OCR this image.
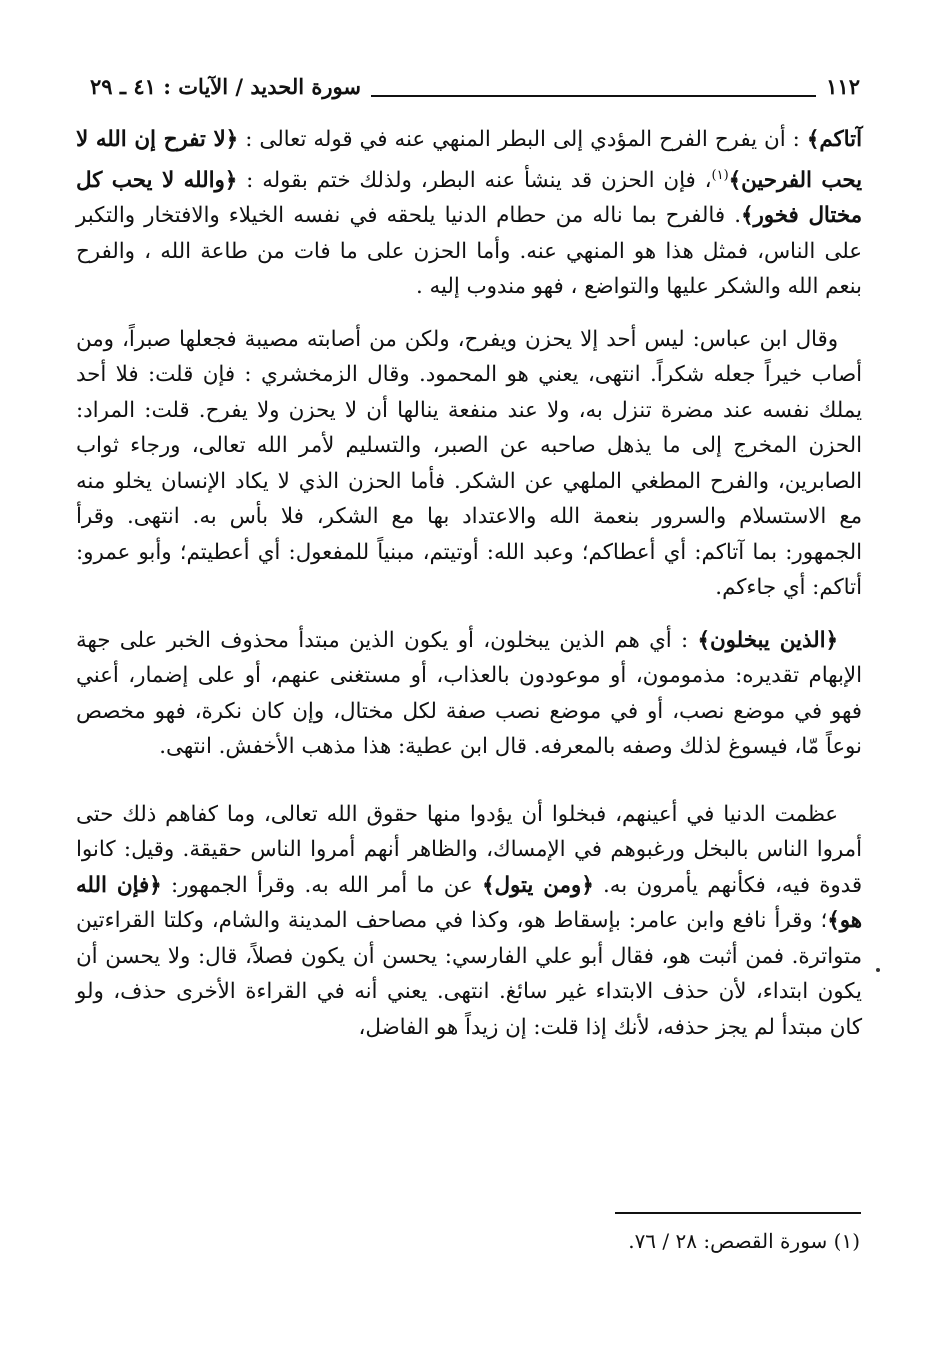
١١٢
سورة الحديد / الآيات : ٤١ ـ ٢٩

آتاكم﴾ : أن يفرح الفرح المؤدي إلى البطر المنهي عنه في قوله تعالى : ﴿لا تفرح إن الله لا يحب الفرحين﴾$^{(١)}$، فإن الحزن قد ينشأ عنه البطر، ولذلك ختم بقوله : ﴿والله لا يحب كل مختال فخور﴾. فالفرح بما ناله من حطام الدنيا يلحقه في نفسه الخيلاء والافتخار والتكبر على الناس، فمثل هذا هو المنهي عنه. وأما الحزن على ما فات من طاعة الله ، والفرح بنعم الله والشكر عليها والتواضع ، فهو مندوب إليه .

وقال ابن عباس: ليس أحد إلا يحزن ويفرح، ولكن من أصابته مصيبة فجعلها صبراً، ومن أصاب خيراً جعله شكراً. انتهى، يعني هو المحمود. وقال الزمخشري : فإن قلت: فلا أحد يملك نفسه عند مضرة تنزل به، ولا عند منفعة ينالها أن لا يحزن ولا يفرح. قلت: المراد: الحزن المخرج إلى ما يذهل صاحبه عن الصبر، والتسليم لأمر الله تعالى، ورجاء ثواب الصابرين، والفرح المطغي الملهي عن الشكر. فأما الحزن الذي لا يكاد الإنسان يخلو منه مع الاستسلام والسرور بنعمة الله والاعتداد بها مع الشكر، فلا بأس به. انتهى. وقرأ الجمهور: بما آتاكم: أي أعطاكم؛ وعبد الله: أوتيتم، مبنياً للمفعول: أي أعطيتم؛ وأبو عمرو: أتاكم: أي جاءكم.

﴿الذين يبخلون﴾ : أي هم الذين يبخلون، أو يكون الذين مبتدأ محذوف الخبر على جهة الإبهام تقديره: مذمومون، أو موعودون بالعذاب، أو مستغنى عنهم، أو على إضمار، أعني فهو في موضع نصب، أو في موضع نصب صفة لكل مختال، وإن كان نكرة، فهو مخصص نوعاً مّا، فيسوغ لذلك وصفه بالمعرفه. قال ابن عطية: هذا مذهب الأخفش. انتهى.

عظمت الدنيا في أعينهم، فبخلوا أن يؤدوا منها حقوق الله تعالى، وما كفاهم ذلك حتى أمروا الناس بالبخل ورغبوهم في الإمساك، والظاهر أنهم أمروا الناس حقيقة. وقيل: كانوا قدوة فيه، فكأنهم يأمرون به. ﴿ومن يتول﴾ عن ما أمر الله به. وقرأ الجمهور: ﴿فإن الله هو﴾؛ وقرأ نافع وابن عامر: بإسقاط هو، وكذا في مصاحف المدينة والشام، وكلتا القراءتين متواترة. فمن أثبت هو، فقال أبو علي الفارسي: يحسن أن يكون فصلاً، قال: ولا يحسن أن يكون ابتداء، لأن حذف الابتداء غير سائغ. انتهى. يعني أنه في القراءة الأخرى حذف، ولو كان مبتدأ لم يجز حذفه، لأنك إذا قلت: إن زيداً هو الفاضل،

(١) سورة القصص: ٢٨ / ٧٦.
